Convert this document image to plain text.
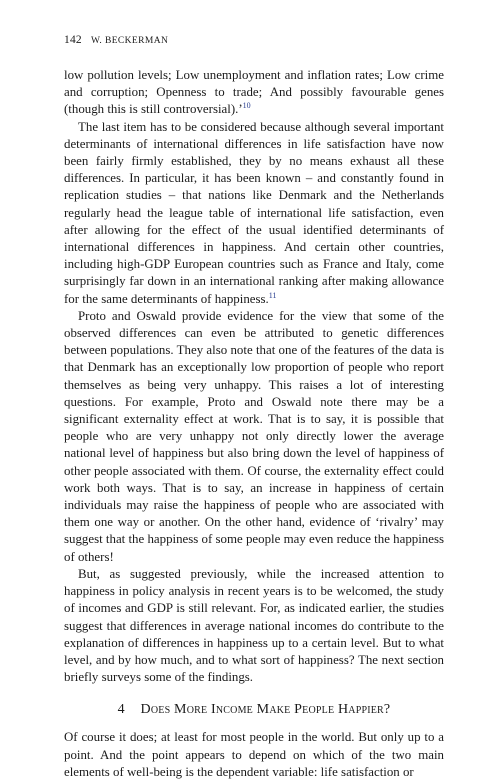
142 W. BECKERMAN

low pollution levels; Low unemployment and inflation rates; Low crime and corruption; Openness to trade; And possibly favourable genes (though this is still controversial).’$^{10}$

The last item has to be considered because although several important determinants of international differences in life satisfaction have now been fairly firmly established, they by no means exhaust all these differences. In particular, it has been known – and constantly found in replication studies – that nations like Denmark and the Netherlands regularly head the league table of international life satisfaction, even after allowing for the effect of the usual identified determinants of international differences in happiness. And certain other countries, including high-GDP European countries such as France and Italy, come surprisingly far down in an international ranking after making allowance for the same determinants of happiness.$^{11}$

Proto and Oswald provide evidence for the view that some of the observed differences can even be attributed to genetic differences between populations. They also note that one of the features of the data is that Denmark has an exceptionally low proportion of people who report themselves as being very unhappy. This raises a lot of interesting questions. For example, Proto and Oswald note there may be a significant externality effect at work. That is to say, it is possible that people who are very unhappy not only directly lower the average national level of happiness but also bring down the level of happiness of other people associated with them. Of course, the externality effect could work both ways. That is to say, an increase in happiness of certain individuals may raise the happiness of people who are associated with them one way or another. On the other hand, evidence of ‘rivalry’ may suggest that the happiness of some people may even reduce the happiness of others!

But, as suggested previously, while the increased attention to happiness in policy analysis in recent years is to be welcomed, the study of incomes and GDP is still relevant. For, as indicated earlier, the studies suggest that differences in average national incomes do contribute to the explanation of differences in happiness up to a certain level. But to what level, and by how much, and to what sort of happiness? The next section briefly surveys some of the findings.

4 Does More Income Make People Happier?

Of course it does; at least for most people in the world. But only up to a point. And the point appears to depend on which of the two main elements of well-being is the dependent variable: life satisfaction or
